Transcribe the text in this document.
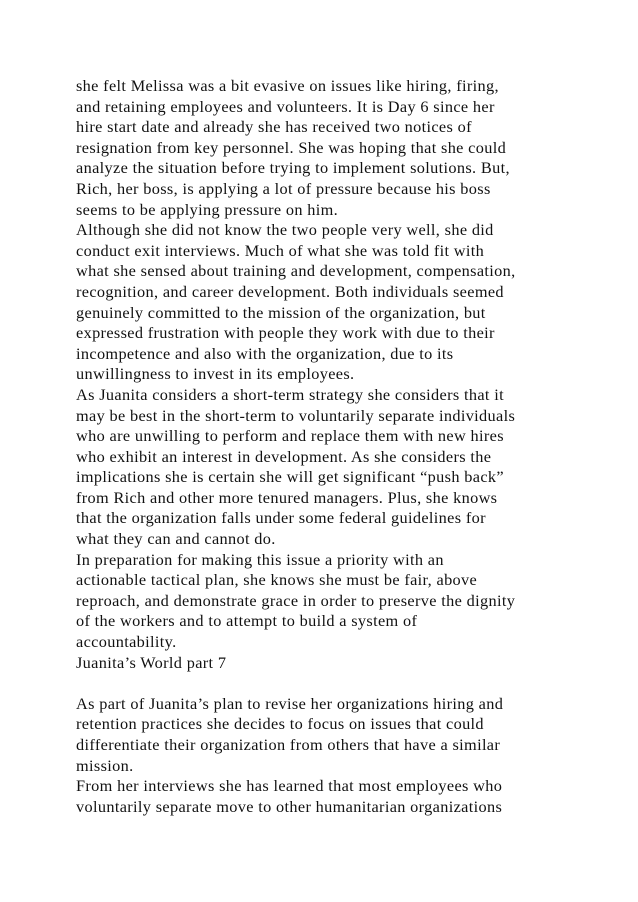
she felt Melissa was a bit evasive on issues like hiring, firing,
and retaining employees and volunteers. It is Day 6 since her
hire start date and already she has received two notices of
resignation from key personnel. She was hoping that she could
analyze the situation before trying to implement solutions. But,
Rich, her boss, is applying a lot of pressure because his boss
seems to be applying pressure on him.
Although she did not know the two people very well, she did
conduct exit interviews. Much of what she was told fit with
what she sensed about training and development, compensation,
recognition, and career development. Both individuals seemed
genuinely committed to the mission of the organization, but
expressed frustration with people they work with due to their
incompetence and also with the organization, due to its
unwillingness to invest in its employees.
As Juanita considers a short-term strategy she considers that it
may be best in the short-term to voluntarily separate individuals
who are unwilling to perform and replace them with new hires
who exhibit an interest in development. As she considers the
implications she is certain she will get significant “push back”
from Rich and other more tenured managers. Plus, she knows
that the organization falls under some federal guidelines for
what they can and cannot do.
In preparation for making this issue a priority with an
actionable tactical plan, she knows she must be fair, above
reproach, and demonstrate grace in order to preserve the dignity
of the workers and to attempt to build a system of
accountability.
Juanita’s World part 7
As part of Juanita’s plan to revise her organizations hiring and
retention practices she decides to focus on issues that could
differentiate their organization from others that have a similar
mission.
From her interviews she has learned that most employees who
voluntarily separate move to other humanitarian organizations
